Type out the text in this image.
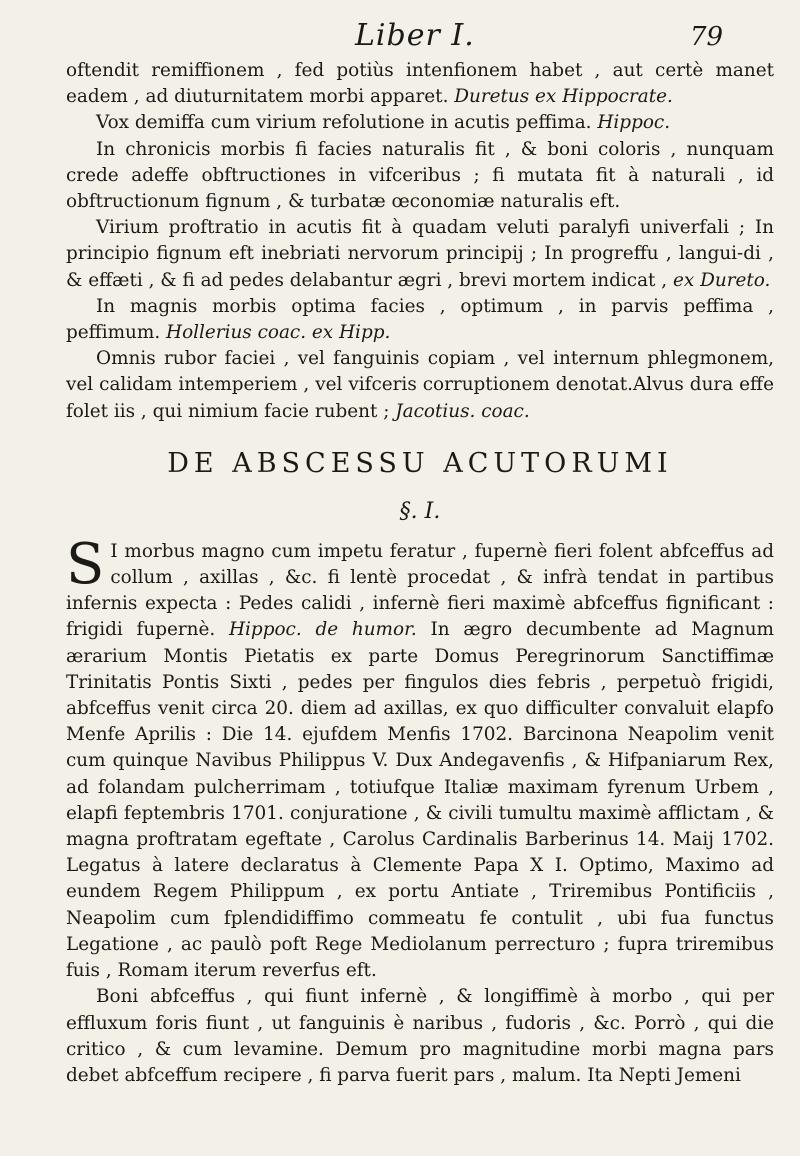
Liber I.	79

oftendit remiffionem , fed potiùs intenfionem habet , aut certè manet eadem , ad diuturnitatem morbi apparet. Duretus ex Hippocrate.

Vox demiffa cum virium refolutione in acutis peffima. Hippoc.

In chronicis morbis fi facies naturalis fit , & boni coloris , nunquam crede adeffe obftructiones in vifceribus ; fi mutata fit à naturali , id obftructionum fignum , & turbatæ œconomiæ naturalis eft.

Virium proftratio in acutis fit à quadam veluti paralyfi univerfali ; In principio fignum eft inebriati nervorum principij ; In progreffu , langui-di , & effæti , & fi ad pedes delabantur ægri , brevi mortem indicat , ex Dureto.

In magnis morbis optima facies , optimum , in parvis peffima , peffimum. Hollerius coac. ex Hipp.

Omnis rubor faciei , vel fanguinis copiam , vel internum phlegmonem, vel calidam intemperiem , vel vifceris corruptionem denotat.Alvus dura effe folet iis , qui nimium facie rubent ; Jacotius. coac.

DE ABSCESSU ACUTORUMI
§. I.

S I morbus magno cum impetu feratur , fupernè fieri folent abfceffus ad collum , axillas , &c. fi lentè procedat , & infrà tendat in partibus infernis expecta : Pedes calidi , infernè fieri maximè abfceffus fignificant : frigidi fupernè. Hippoc. de humor. In ægro decumbente ad Magnum ærarium Montis Pietatis ex parte Domus Peregrinorum Sanctiffimæ Trinitatis Pontis Sixti , pedes per fingulos dies febris , perpetuò frigidi, abfceffus venit circa 20. diem ad axillas, ex quo difficulter convaluit elapfo Menfe Aprilis : Die 14. ejufdem Menfis 1702. Barcinona Neapolim venit cum quinque Navibus Philippus V. Dux Andegavenfis , & Hifpaniarum Rex, ad folandam pulcherrimam , totiufque Italiæ maximam fyrenum Urbem , elapfi feptembris 1701. conjuratione , & civili tumultu maximè afflictam , & magna proftratam egeftate , Carolus Cardinalis Barberinus 14. Maij 1702. Legatus à latere declaratus à Clemente Papa X I. Optimo, Maximo ad eundem Regem Philippum , ex portu Antiate , Triremibus Pontificiis , Neapolim cum fplendidiffimo commeatu fe contulit , ubi fua functus Legatione , ac paulò poft Rege Mediolanum perrecturo ; fupra triremibus fuis , Romam iterum reverfus eft.

Boni abfceffus , qui fiunt infernè , & longiffimè à morbo , qui per effluxum foris fiunt , ut fanguinis è naribus , fudoris , &c. Porrò , qui die critico , & cum levamine. Demum pro magnitudine morbi magna pars debet abfceffum recipere , fi parva fuerit pars , malum. Ita Nepti Jemeni
